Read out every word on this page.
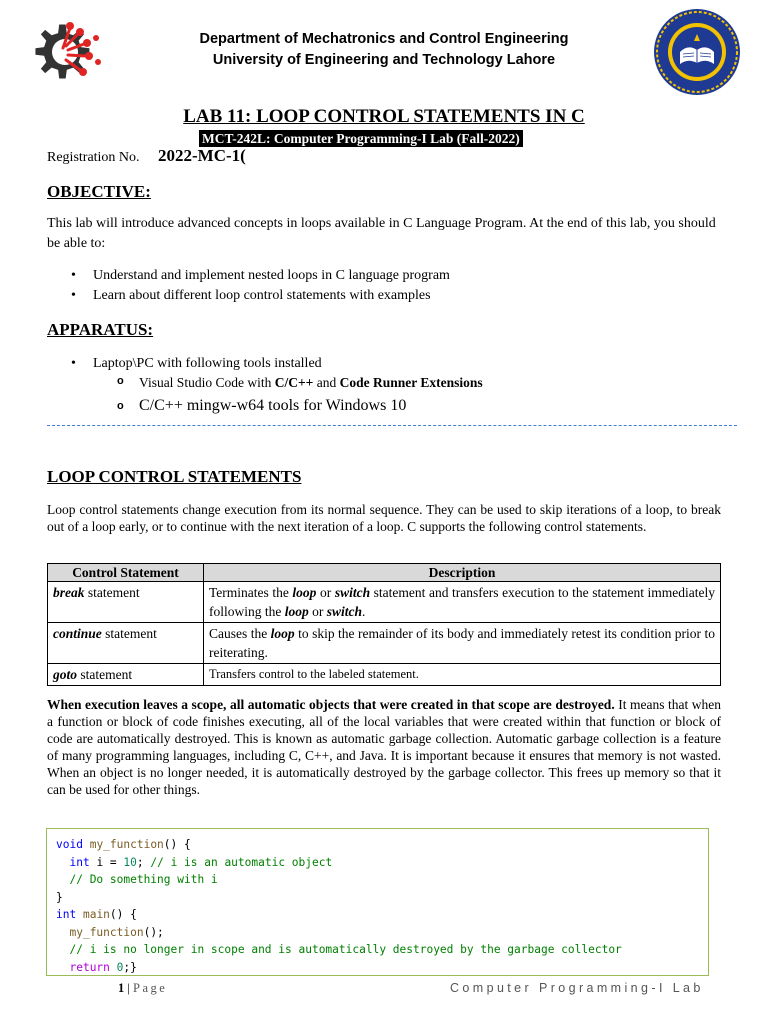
Department of Mechatronics and Control Engineering
University of Engineering and Technology Lahore
LAB 11: LOOP CONTROL STATEMENTS IN C
MCT-242L: Computer Programming-I Lab (Fall-2022)
Registration No. 2022-MC-1(
OBJECTIVE:

This lab will introduce advanced concepts in loops available in C Language Program. At the end of this lab, you should be able to:

• Understand and implement nested loops in C language program
• Learn about different loop control statements with examples
APPARATUS:
• Laptop\PC with following tools installed
o Visual Studio Code with C/C++ and Code Runner Extensions
o C/C++ mingw-w64 tools for Windows 10
LOOP CONTROL STATEMENTS

Loop control statements change execution from its normal sequence. They can be used to skip iterations of a loop, to break out of a loop early, or to continue with the next iteration of a loop. C supports the following control statements.

Control Statement	Description
break statement	Terminates the loop or switch statement and transfers execution to the statement immediately following the loop or switch.
continue statement	Causes the loop to skip the remainder of its body and immediately retest its condition prior to reiterating.
goto statement	Transfers control to the labeled statement.

When execution leaves a scope, all automatic objects that were created in that scope are destroyed. It means that when a function or block of code finishes executing, all of the local variables that were created within that function or block of code are automatically destroyed. This is known as automatic garbage collection. Automatic garbage collection is a feature of many programming languages, including C, C++, and Java. It is important because it ensures that memory is not wasted. When an object is no longer needed, it is automatically destroyed by the garbage collector. This frees up memory so that it can be used for other things.

void my_function() {
int i = 10; // i is an automatic object
// Do something with i
}
int main() {
my_function();
// i is no longer in scope and is automatically destroyed by the garbage collector
return 0;}
1 | Page	Computer Programming-I Lab
